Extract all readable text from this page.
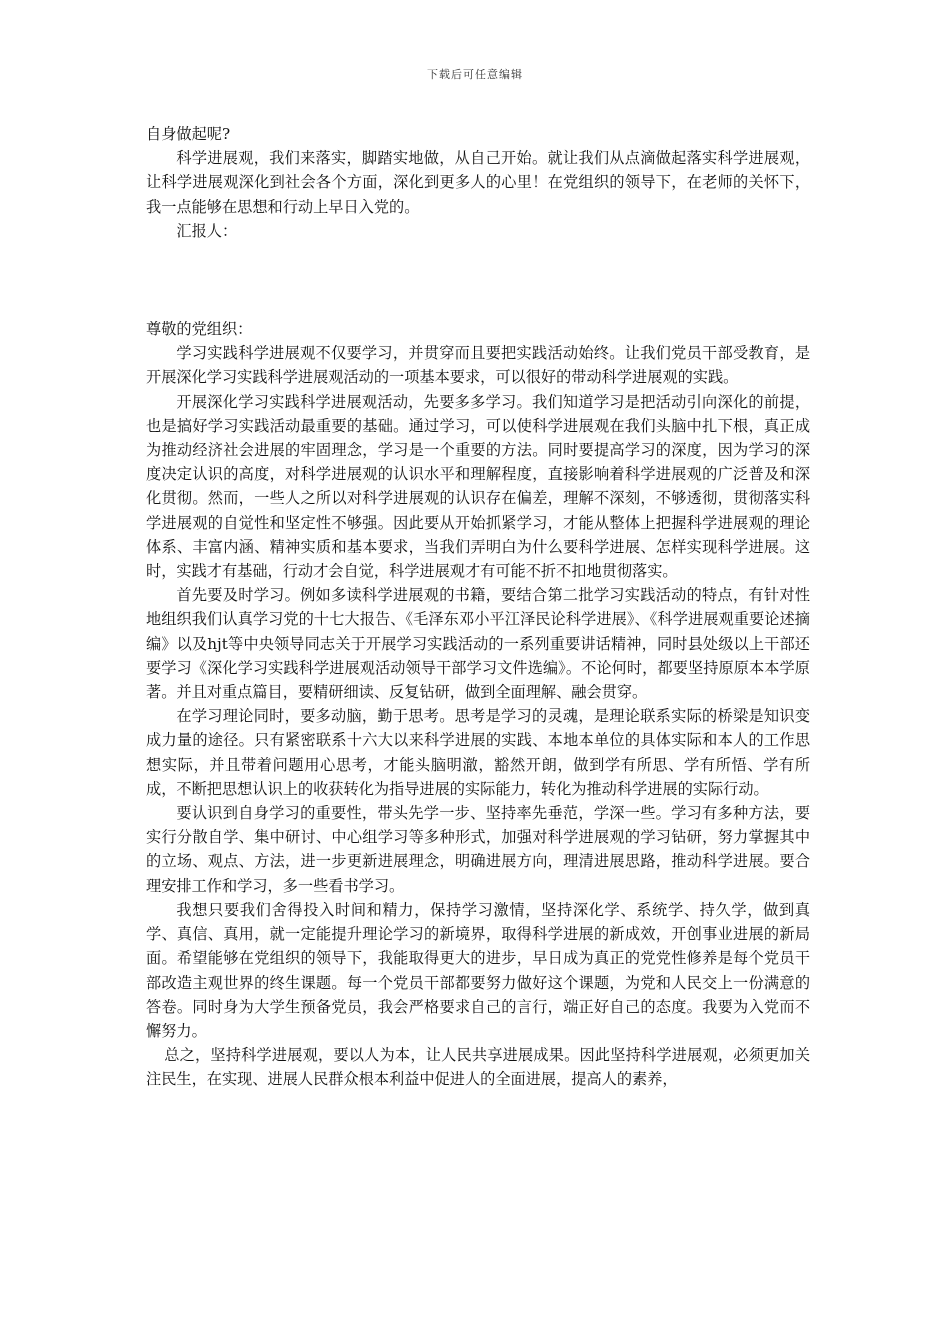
下载后可任意编辑

自身做起呢?

科学进展观，我们来落实，脚踏实地做，从自己开始。就让我们从点滴做起落实科学进展观，让科学进展观深化到社会各个方面，深化到更多人的心里！在党组织的领导下，在老师的关怀下，我一点能够在思想和行动上早日入党的。

汇报人：

尊敬的党组织：

学习实践科学进展观不仅要学习，并贯穿而且要把实践活动始终。让我们党员干部受教育，是开展深化学习实践科学进展观活动的一项基本要求，可以很好的带动科学进展观的实践。

开展深化学习实践科学进展观活动，先要多多学习。我们知道学习是把活动引向深化的前提，也是搞好学习实践活动最重要的基础。通过学习，可以使科学进展观在我们头脑中扎下根，真正成为推动经济社会进展的牢固理念，学习是一个重要的方法。同时要提高学习的深度，因为学习的深度决定认识的高度，对科学进展观的认识水平和理解程度，直接影响着科学进展观的广泛普及和深化贯彻。然而，一些人之所以对科学进展观的认识存在偏差，理解不深刻，不够透彻，贯彻落实科学进展观的自觉性和坚定性不够强。因此要从开始抓紧学习，才能从整体上把握科学进展观的理论体系、丰富内涵、精神实质和基本要求，当我们弄明白为什么要科学进展、怎样实现科学进展。这时，实践才有基础，行动才会自觉，科学进展观才有可能不折不扣地贯彻落实。

首先要及时学习。例如多读科学进展观的书籍，要结合第二批学习实践活动的特点，有针对性地组织我们认真学习党的十七大报告、《毛泽东邓小平江泽民论科学进展》、《科学进展观重要论述摘编》以及hjt等中央领导同志关于开展学习实践活动的一系列重要讲话精神，同时县处级以上干部还要学习《深化学习实践科学进展观活动领导干部学习文件选编》。不论何时，都要坚持原原本本学原著。并且对重点篇目，要精研细读、反复钻研，做到全面理解、融会贯穿。

在学习理论同时，要多动脑，勤于思考。思考是学习的灵魂，是理论联系实际的桥梁是知识变成力量的途径。只有紧密联系十六大以来科学进展的实践、本地本单位的具体实际和本人的工作思想实际，并且带着问题用心思考，才能头脑明澈，豁然开朗，做到学有所思、学有所悟、学有所成，不断把思想认识上的收获转化为指导进展的实际能力，转化为推动科学进展的实际行动。

要认识到自身学习的重要性，带头先学一步、坚持率先垂范，学深一些。学习有多种方法，要实行分散自学、集中研讨、中心组学习等多种形式，加强对科学进展观的学习钻研，努力掌握其中的立场、观点、方法，进一步更新进展理念，明确进展方向，理清进展思路，推动科学进展。要合理安排工作和学习，多一些看书学习。

我想只要我们舍得投入时间和精力，保持学习激情，坚持深化学、系统学、持久学，做到真学、真信、真用，就一定能提升理论学习的新境界，取得科学进展的新成效，开创事业进展的新局面。希望能够在党组织的领导下，我能取得更大的进步，早日成为真正的党党性修养是每个党员干部改造主观世界的终生课题。每一个党员干部都要努力做好这个课题，为党和人民交上一份满意的答卷。同时身为大学生预备党员，我会严格要求自己的言行，端正好自己的态度。我要为入党而不懈努力。

总之，坚持科学进展观，要以人为本，让人民共享进展成果。因此坚持科学进展观，必须更加关注民生，在实现、进展人民群众根本利益中促进人的全面进展，提高人的素养，
